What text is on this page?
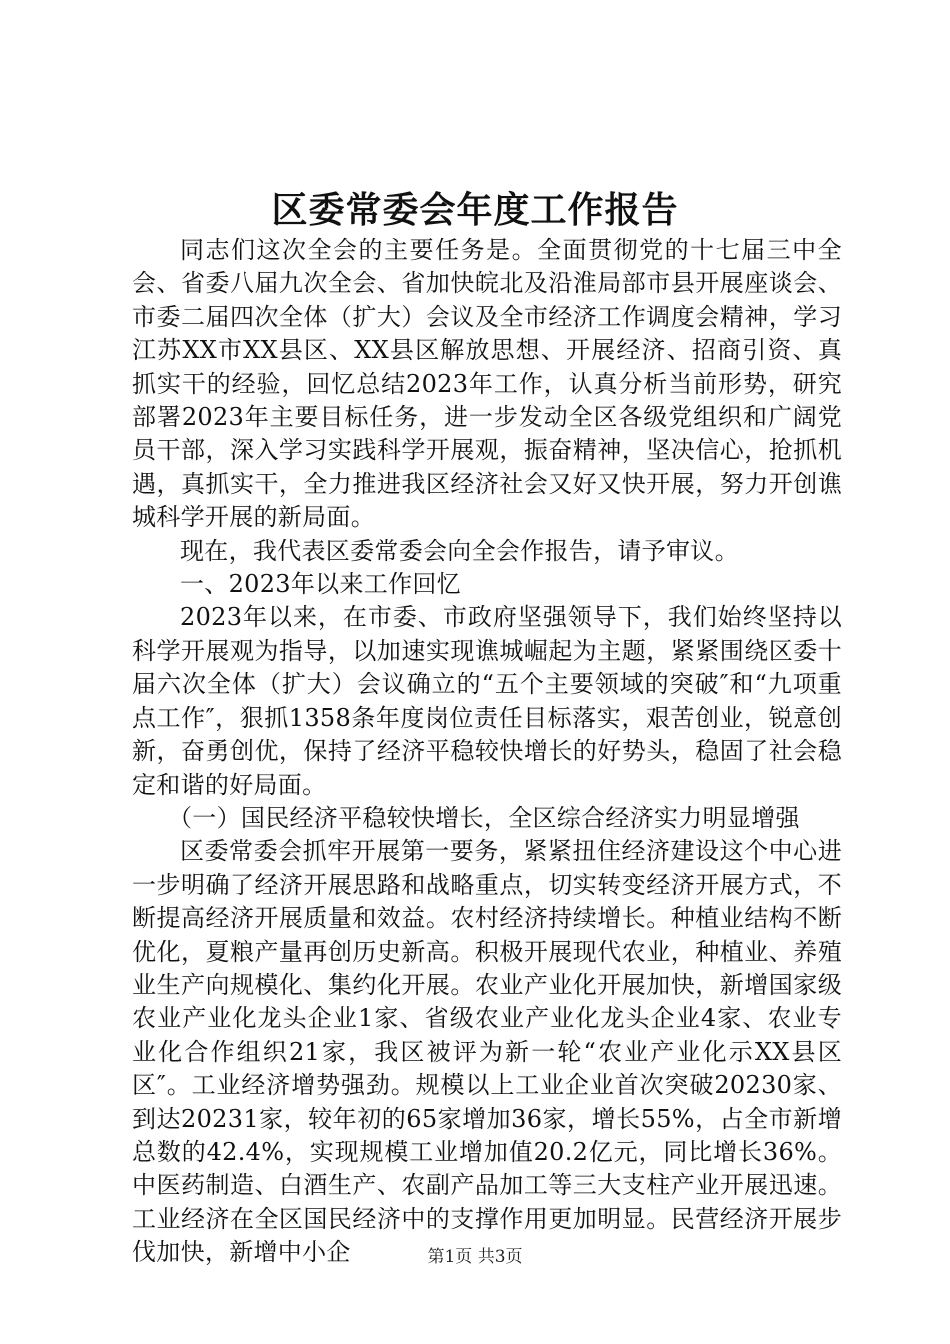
区委常委会年度工作报告

同志们这次全会的主要任务是。全面贯彻党的十七届三中全会、省委八届九次全会、省加快皖北及沿淮局部市县开展座谈会、市委二届四次全体（扩大）会议及全市经济工作调度会精神，学习江苏XX市XX县区、XX县区解放思想、开展经济、招商引资、真抓实干的经验，回忆总结2023年工作，认真分析当前形势，研究部署2023年主要目标任务，进一步发动全区各级党组织和广阔党员干部，深入学习实践科学开展观，振奋精神，坚决信心，抢抓机遇，真抓实干，全力推进我区经济社会又好又快开展，努力开创谯城科学开展的新局面。

现在，我代表区委常委会向全会作报告，请予审议。

一、2023年以来工作回忆

2023年以来，在市委、市政府坚强领导下，我们始终坚持以科学开展观为指导，以加速实现谯城崛起为主题，紧紧围绕区委十届六次全体（扩大）会议确立的“五个主要领域的突破″和“九项重点工作″，狠抓1358条年度岗位责任目标落实，艰苦创业，锐意创新，奋勇创优，保持了经济平稳较快增长的好势头，稳固了社会稳定和谐的好局面。

（一）国民经济平稳较快增长，全区综合经济实力明显增强

区委常委会抓牢开展第一要务，紧紧扭住经济建设这个中心进一步明确了经济开展思路和战略重点，切实转变经济开展方式，不断提高经济开展质量和效益。农村经济持续增长。种植业结构不断优化，夏粮产量再创历史新高。积极开展现代农业，种植业、养殖业生产向规模化、集约化开展。农业产业化开展加快，新增国家级农业产业化龙头企业1家、省级农业产业化龙头企业4家、农业专业化合作组织21家，我区被评为新一轮“农业产业化示XX县区区″。工业经济增势强劲。规模以上工业企业首次突破20230家、到达20231家，较年初的65家增加36家，增长55%，占全市新增总数的42.4%，实现规模工业增加值20.2亿元，同比增长36%。中医药制造、白酒生产、农副产品加工等三大支柱产业开展迅速。工业经济在全区国民经济中的支撑作用更加明显。民营经济开展步伐加快，新增中小企	第1页 共3页
